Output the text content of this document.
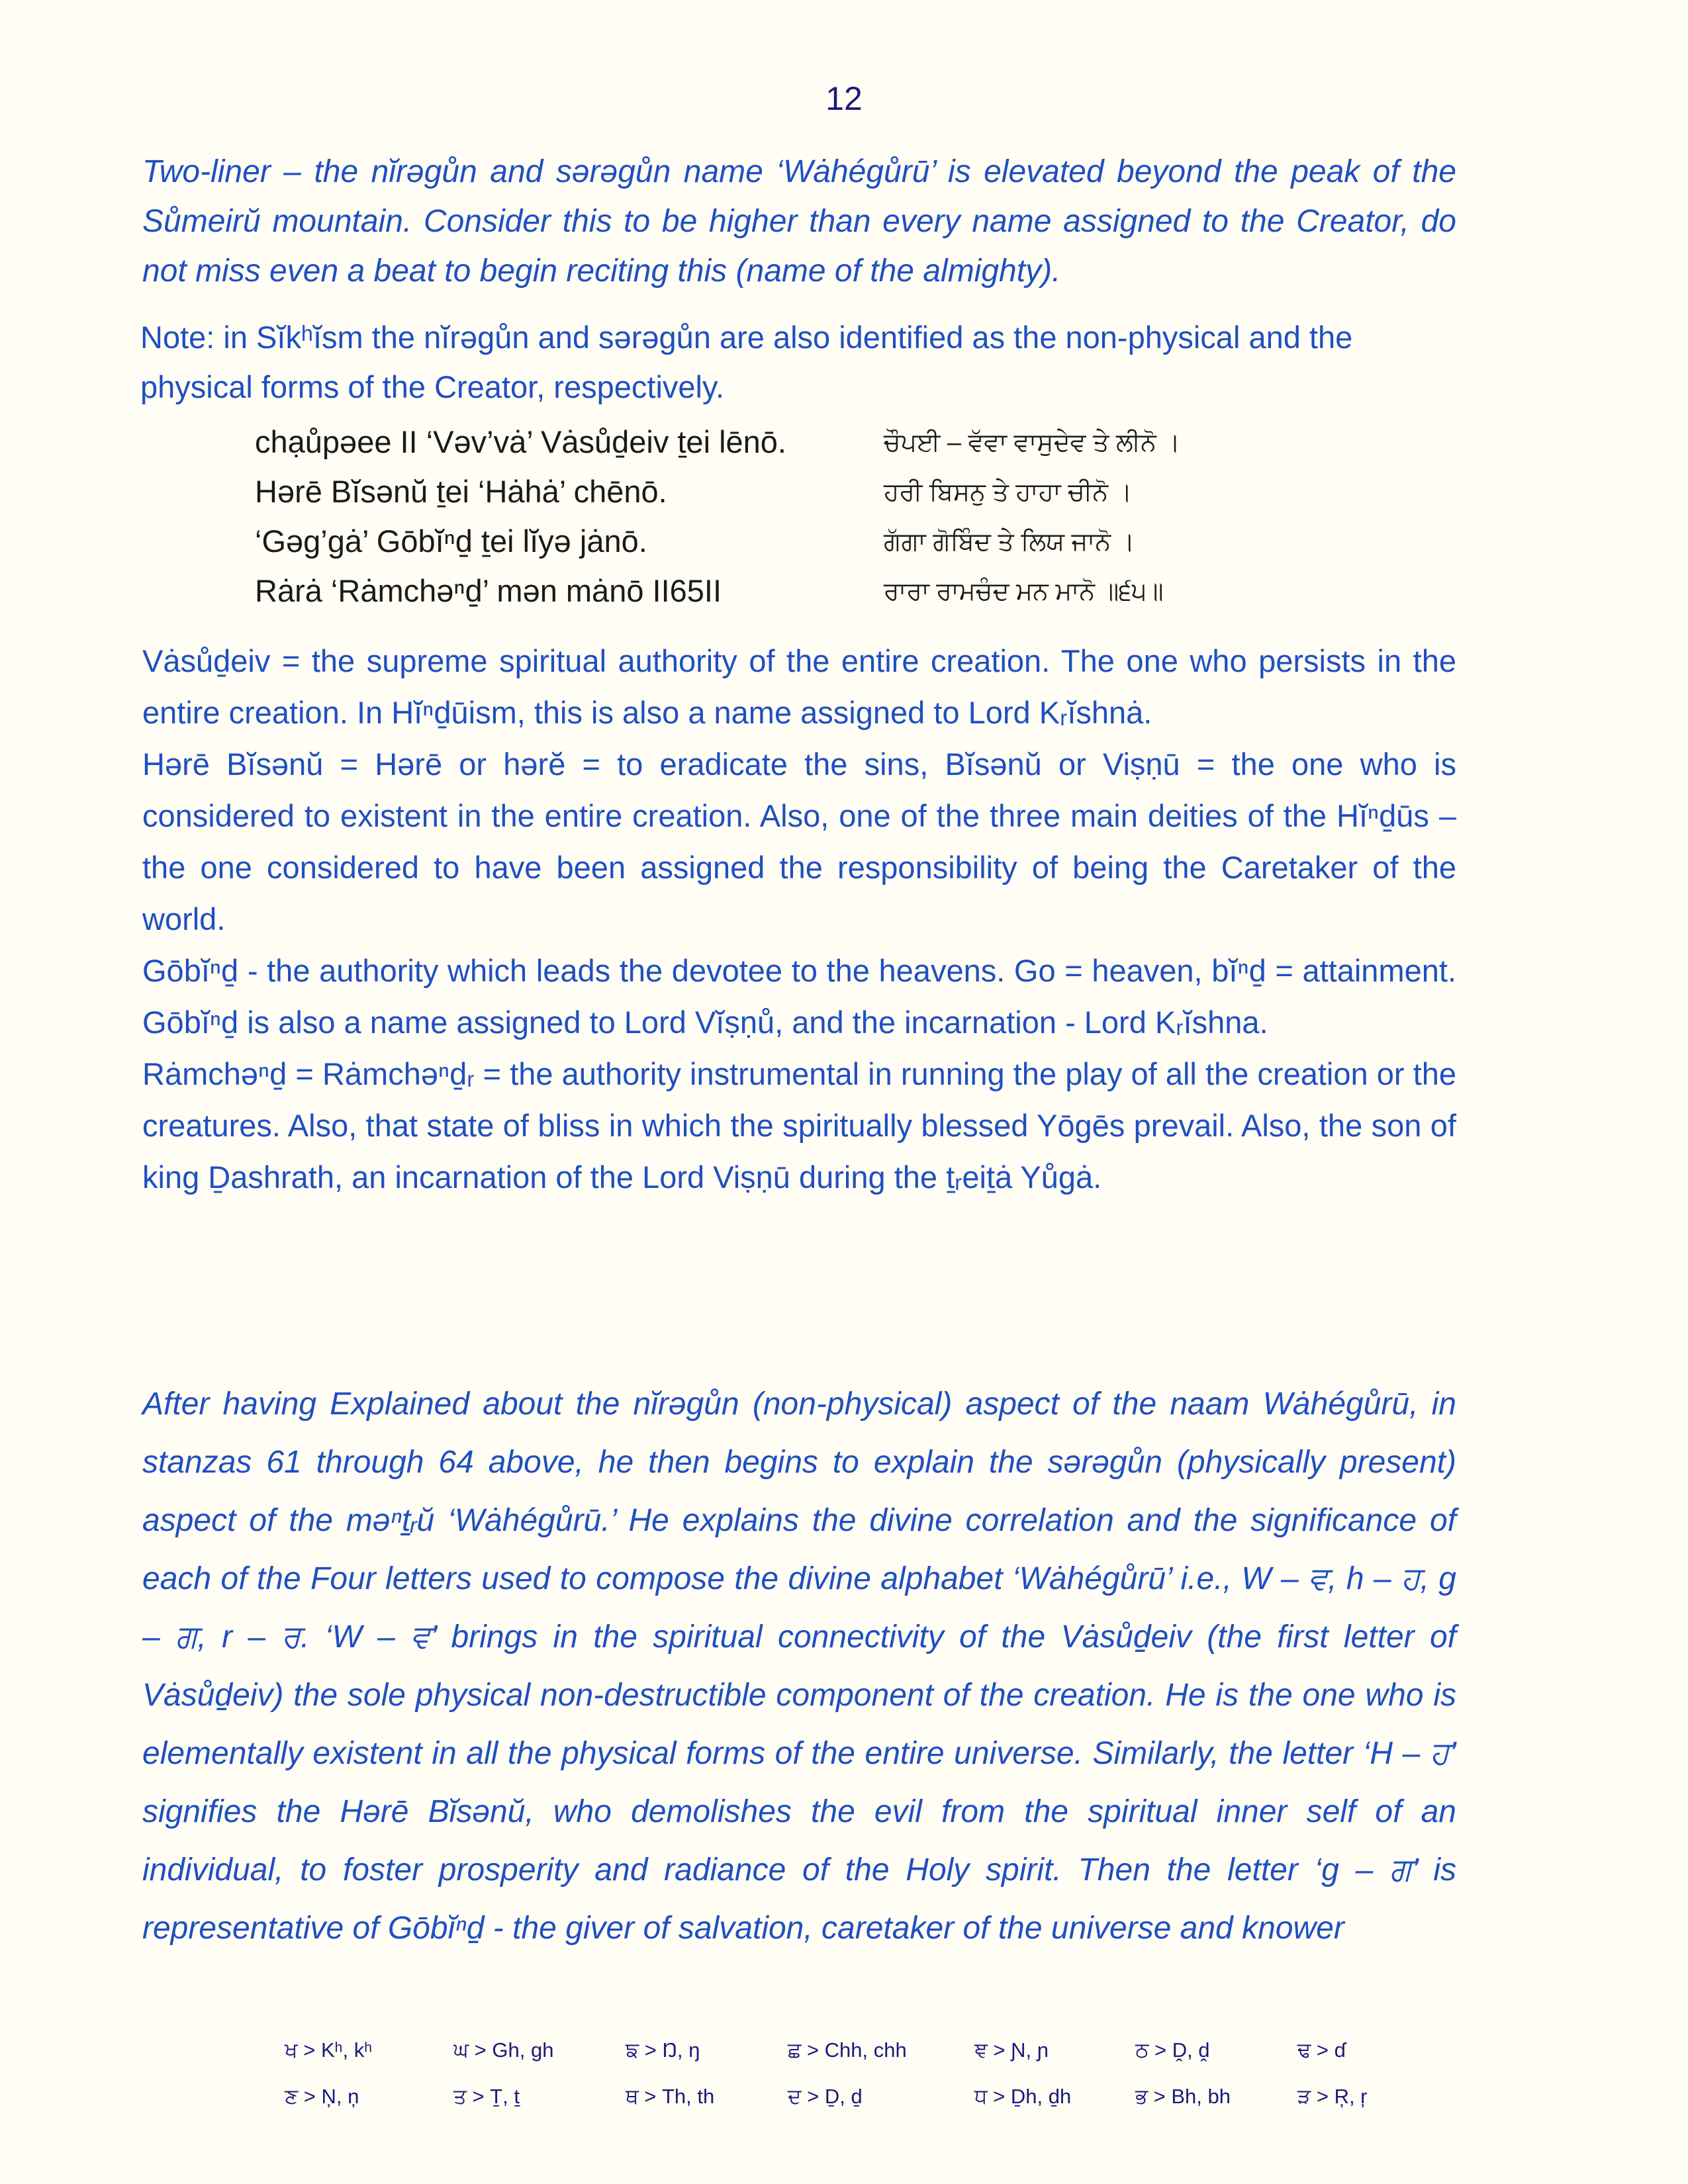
12
Two-liner – the nĭrəgůn and sərəgůn name ‘Wȧhégůrū’ is elevated beyond the peak of the Sůmeirŭ mountain. Consider this to be higher than every name assigned to the Creator, do not miss even a beat to begin reciting this (name of the almighty).
Note: in Sĭkʰĭsm the nĭrəgůn and sərəgůn are also identified as the non-physical and the physical forms of the Creator, respectively.
chạůpəee II ‘Vəv’vȧ’ Vȧsůḏeiv ṯei lēnō.	ਚੌਪਈ – ਵੱਵਾ ਵਾਸੁਦੇਵ ਤੇ ਲੀਨੋ ।
Hərē Bĭsənŭ ṯei ‘Hȧhȧ’ chēnō.	ਹਰੀ ਬਿਸਨੁ ਤੇ ਹਾਹਾ ਚੀਨੋ ।
‘Gəg’gȧ’ Gōbĭⁿḏ ṯei lĭyə jȧnō.	ਗੱਗਾ ਗੋਬਿੰਦ ਤੇ ਲਿਯ ਜਾਨੋ ।
Rȧrȧ ‘Rȧmchəⁿḏ’ mən mȧnō II65II	ਰਾਰਾ ਰਾਮਚੰਦ ਮਨ ਮਾਨੋ ॥੬੫॥

Vȧsůḏeiv = the supreme spiritual authority of the entire creation. The one who persists in the entire creation. In Hĭⁿḏūism, this is also a name assigned to Lord Kᵣĭshnȧ.

Hərē Bĭsənŭ = Hərē or hərĕ = to eradicate the sins, Bĭsənŭ or Viṣṇū = the one who is considered to existent in the entire creation. Also, one of the three main deities of the Hĭⁿḏūs – the one considered to have been assigned the responsibility of being the Caretaker of the world.

Gōbĭⁿḏ - the authority which leads the devotee to the heavens. Go = heaven, bĭⁿḏ = attainment. Gōbĭⁿḏ is also a name assigned to Lord Vĭṣṇů, and the incarnation - Lord Kᵣĭshna.

Rȧmchəⁿḏ = Rȧmchəⁿḏᵣ = the authority instrumental in running the play of all the creation or the creatures. Also, that state of bliss in which the spiritually blessed Yōgēs prevail. Also, the son of king Ḏashrath, an incarnation of the Lord Viṣṇū during the ṯᵣeiṯȧ Yůgȧ.

After having Explained about the nĭrəgůn (non-physical) aspect of the naam Wȧhégůrū, in stanzas 61 through 64 above, he then begins to explain the sərəgůn (physically present) aspect of the məⁿṯᵣŭ ‘Wȧhégůrū.’ He explains the divine correlation and the significance of each of the Four letters used to compose the divine alphabet ‘Wȧhégůrū’ i.e., W – ਵ, h – ਹ, g – ਗ, r – ਰ. ‘W – ਵ’ brings in the spiritual connectivity of the Vȧsůḏeiv (the first letter of Vȧsůḏeiv) the sole physical non-destructible component of the creation. He is the one who is elementally existent in all the physical forms of the entire universe. Similarly, the letter ‘H – ਹ’ signifies the Hərē Bĭsənŭ, who demolishes the evil from the spiritual inner self of an individual, to foster prosperity and radiance of the Holy spirit. Then the letter ‘g – ਗ’ is representative of Gōbĭⁿḏ - the giver of salvation, caretaker of the universe and knower
ਖ > Kʰ, kʰ	ਘ > Gh, gh	ਙ > Ŋ, ŋ	ਛ > Chh, chh	ਞ > Ɲ, ɲ	ਠ > Ḓ, ḓ	ਢ > ɗ
ਣ > Ņ, ņ	ਤ > Ṯ, ṯ	ਥ > Th, th	ਦ > Ḏ, ḏ	ਧ > Ḏh, ḏh	ਭ > Bh, bh	ੜ > Ŗ, ŗ
